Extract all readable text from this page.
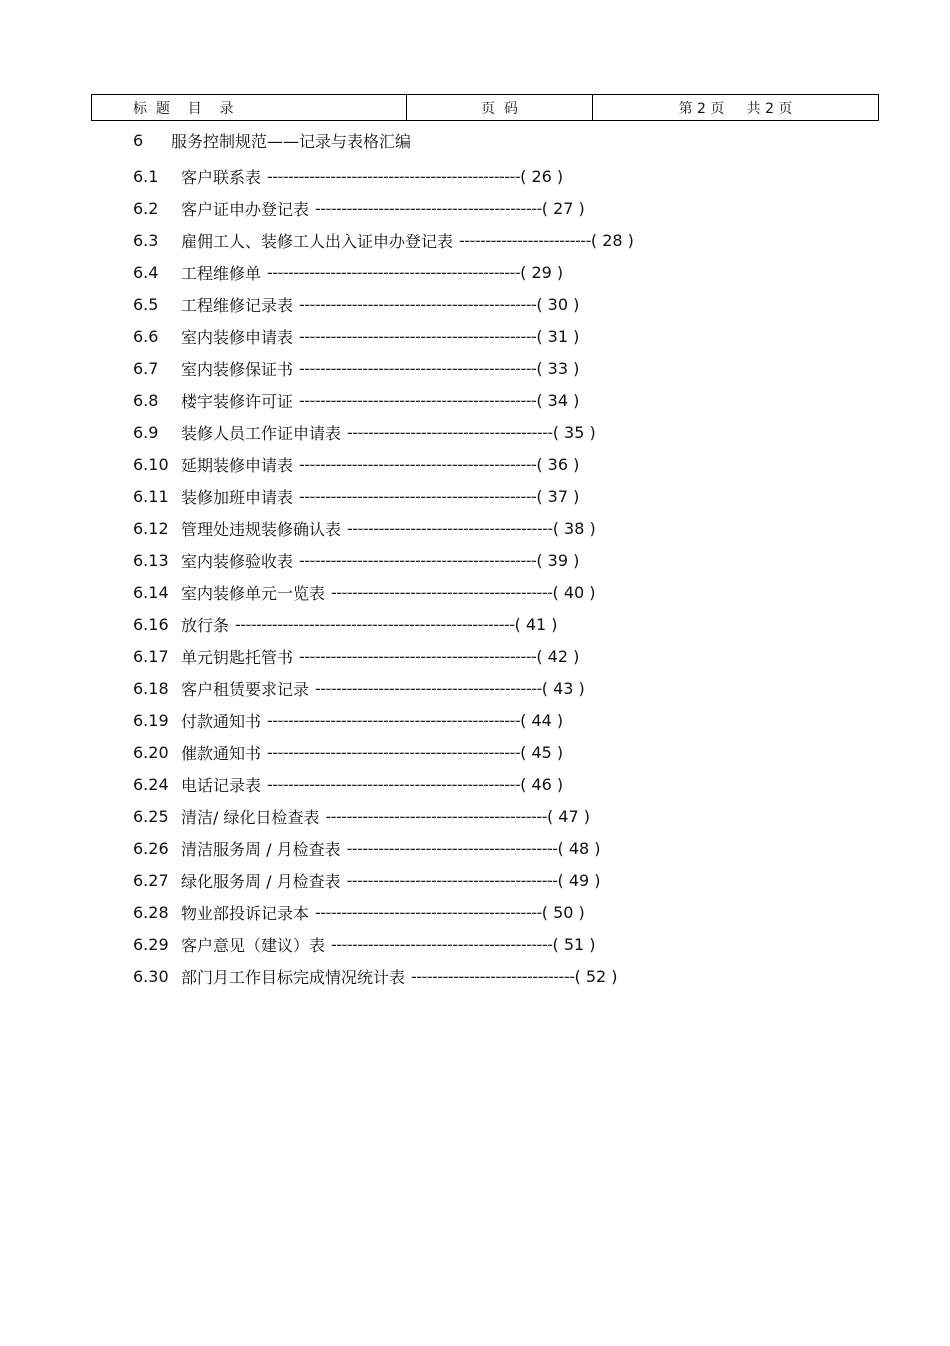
标  题    目    录	页  码	第 2 页     共 2 页
6	服务控制规范——记录与表格汇编
6.1	客户联系表 ------------------------------------------------ ( 26 )
6.2	客户证申办登记表 ------------------------------------------- ( 27 )
6.3	雇佣工人、装修工人出入证申办登记表 ------------------------- ( 28 )
6.4	工程维修单 ------------------------------------------------ ( 29 )
6.5	工程维修记录表 --------------------------------------------- ( 30 )
6.6	室内装修申请表 --------------------------------------------- ( 31 )
6.7	室内装修保证书 --------------------------------------------- ( 33 )
6.8	楼宇装修许可证 --------------------------------------------- ( 34 )
6.9	装修人员工作证申请表 --------------------------------------- ( 35 )
6.10 延期装修申请表 --------------------------------------------- ( 36 )
6.11 装修加班申请表 --------------------------------------------- ( 37 )
6.12 管理处违规装修确认表 --------------------------------------- ( 38 )
6.13 室内装修验收表 --------------------------------------------- ( 39 )
6.14 室内装修单元一览表 ------------------------------------------ ( 40 )
6.16 放行条 ----------------------------------------------------- ( 41 )
6.17 单元钥匙托管书 --------------------------------------------- ( 42 )
6.18 客户租赁要求记录 ------------------------------------------- ( 43 )
6.19 付款通知书 ------------------------------------------------ ( 44 )
6.20 催款通知书 ------------------------------------------------ ( 45 )
6.24 电话记录表 ------------------------------------------------ ( 46 )
6.25 清洁/ 绿化日检查表 ------------------------------------------ ( 47 )
6.26 清洁服务周 / 月检查表 ---------------------------------------- ( 48 )
6.27 绿化服务周 / 月检查表 ---------------------------------------- ( 49 )
6.28 物业部投诉记录本 ------------------------------------------- ( 50 )
6.29 客户意见（建议）表 ------------------------------------------ ( 51 )
6.30 部门月工作目标完成情况统计表 ------------------------------- ( 52 )
